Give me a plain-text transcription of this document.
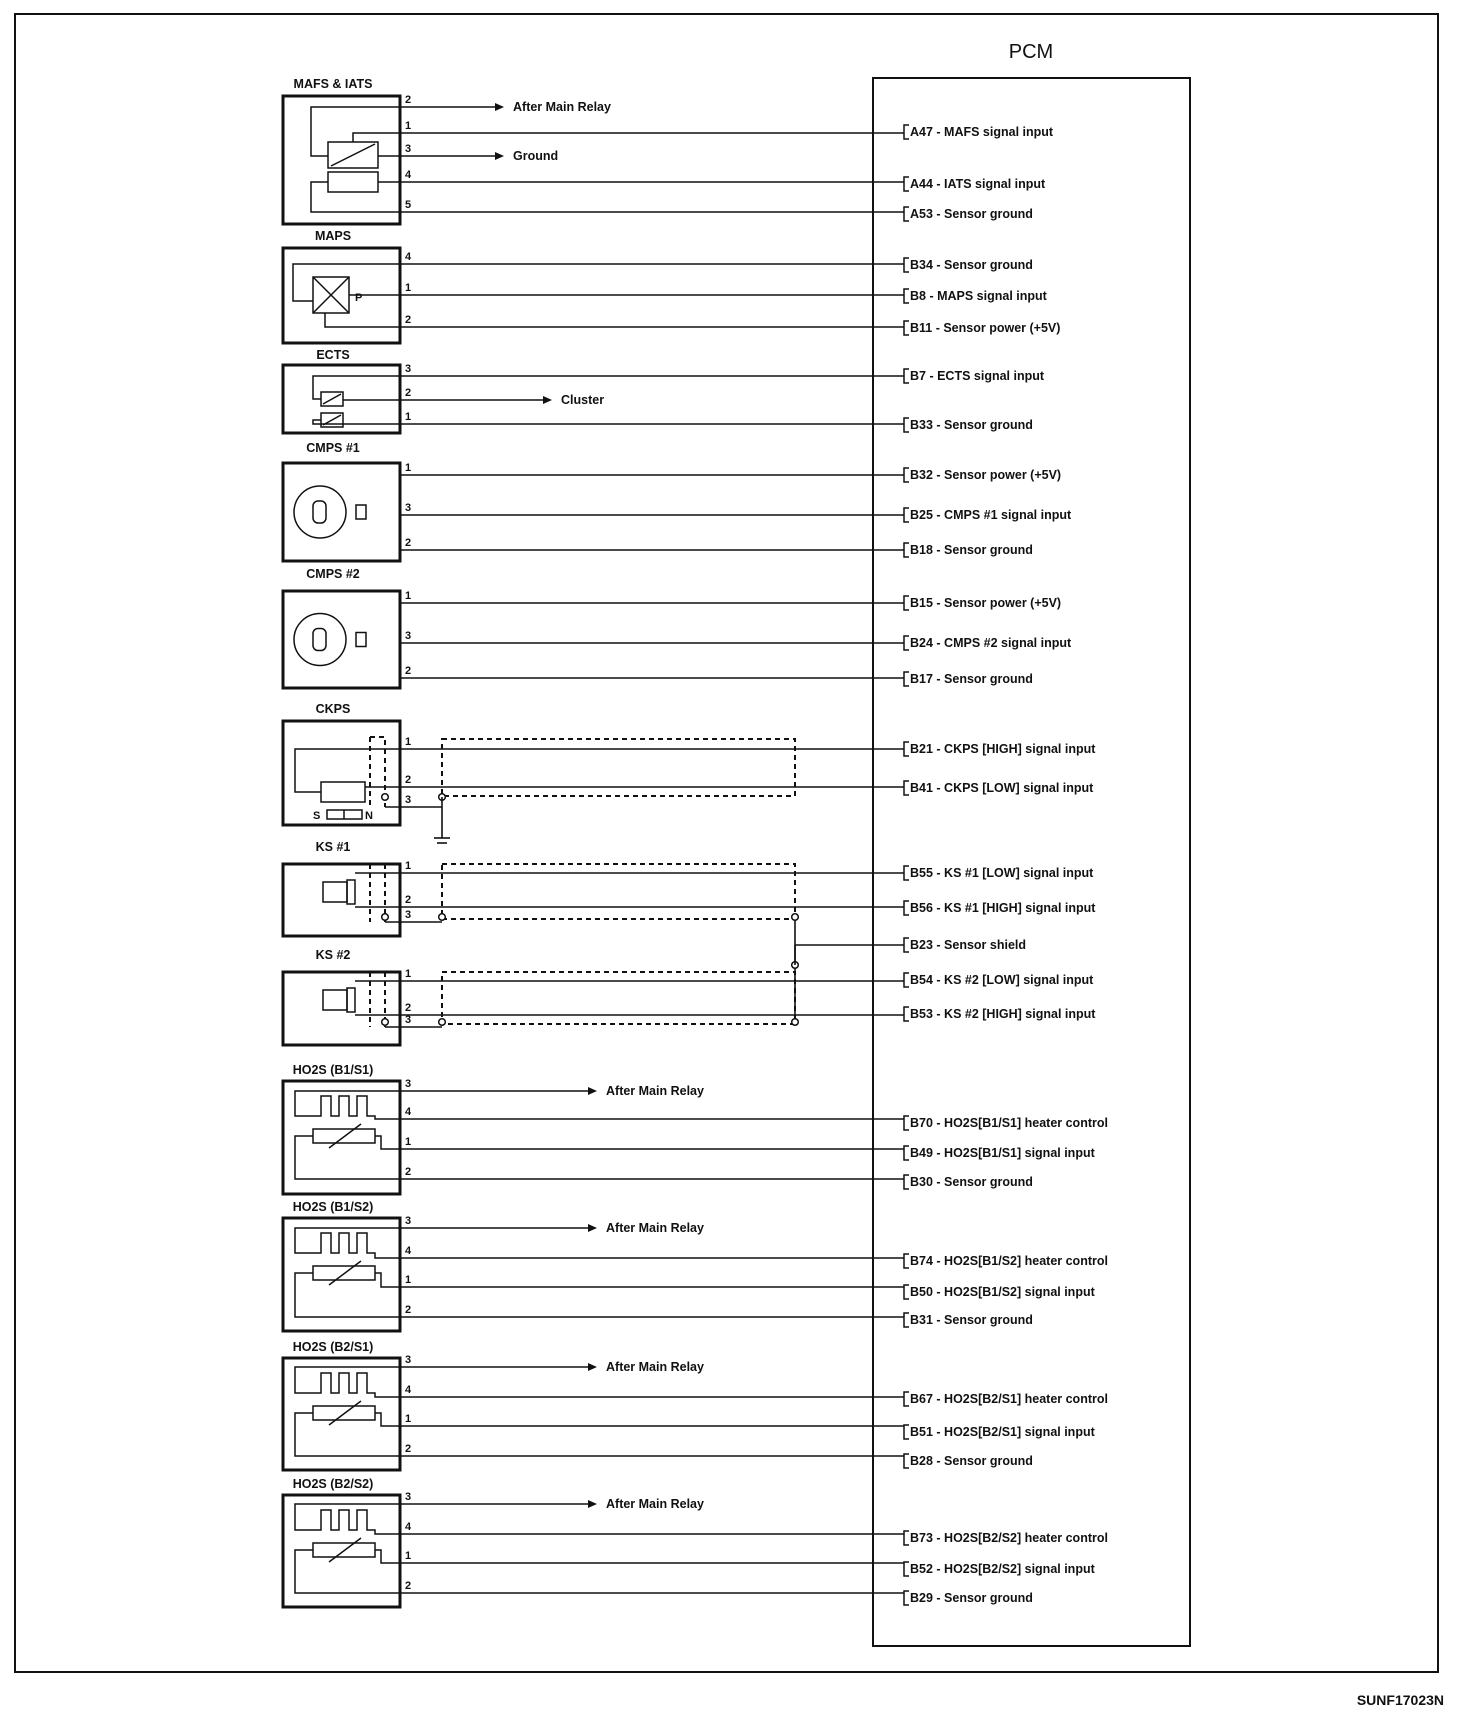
PCM
SUNF17023N
MAFS & IATS
2	After Main Relay
1
3	Ground
4
5
A47 - MAFS signal input
A44 - IATS signal input
A53 - Sensor ground
MAPS
4
1
2
P
B34 - Sensor ground
B8 - MAPS signal input
B11 - Sensor power (+5V)
ECTS
3
2	Cluster
1
B7 - ECTS signal input
B33 - Sensor ground
CMPS #1
1
3
2
B32 - Sensor power (+5V)
B25 - CMPS #1 signal input
B18 - Sensor ground
CMPS #2
1
3
2
B15 - Sensor power (+5V)
B24 - CMPS #2 signal input
B17 - Sensor ground
CKPS
1
2
3
S	N
B21 - CKPS [HIGH] signal input
B41 - CKPS [LOW] signal input
KS #1
1
2
3
B55 - KS #1 [LOW] signal input
B56 - KS #1 [HIGH] signal input
KS #2
1
2
3
B54 - KS #2 [LOW] signal input
B53 - KS #2 [HIGH] signal input
HO2S (B1/S1)
3	After Main Relay
4
1
2
B70 - HO2S[B1/S1] heater control
B49 - HO2S[B1/S1] signal input
B30 - Sensor ground
HO2S (B1/S2)
3	After Main Relay
4
1
2
B74 - HO2S[B1/S2] heater control
B50 - HO2S[B1/S2] signal input
B31 - Sensor ground
HO2S (B2/S1)
3	After Main Relay
4
1
2
B67 - HO2S[B2/S1] heater control
B51 - HO2S[B2/S1] signal input
B28 - Sensor ground
HO2S (B2/S2)
3	After Main Relay
4
1
2
B73 - HO2S[B2/S2] heater control
B52 - HO2S[B2/S2] signal input
B29 - Sensor ground
B23 - Sensor shield
